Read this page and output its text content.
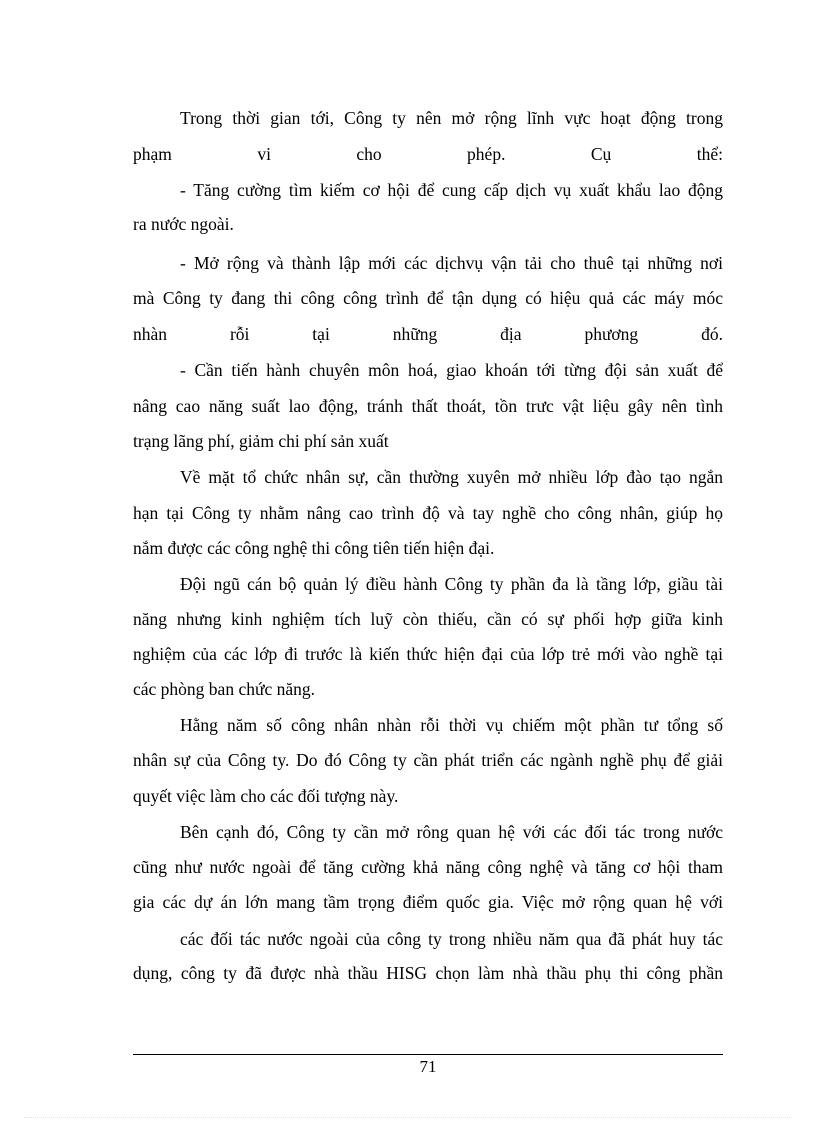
Trong thời gian tới, Công ty nên mở rộng lĩnh vực hoạt động trong
phạm vi cho phép. Cụ thể:
- Tăng cường tìm kiếm cơ hội để cung cấp dịch vụ xuất khẩu lao động
ra nước ngoài.
- Mở rộng và thành lập mới các dịchvụ vận tải cho thuê tại những nơi
mà Công ty đang thi công công trình để tận dụng có hiệu quả các máy móc
nhàn rỗi tại những địa phương đó.
- Cần tiến hành chuyên môn hoá, giao khoán tới từng đội sản xuất để
nâng cao năng suất lao động, tránh thất thoát, tồn trưc vật liệu gây nên tình
trạng lãng phí, giảm chi phí sản xuất
Về mặt tổ chức nhân sự, cần thường xuyên mở nhiều lớp đào tạo ngắn
hạn tại Công ty nhằm nâng cao trình độ và tay nghề cho công nhân, giúp họ
nắm được các công nghệ thi công tiên tiến hiện đại.
Đội ngũ cán bộ quản lý điều hành Công ty phần đa là tầng lớp, giầu tài
năng nhưng kinh nghiệm tích luỹ còn thiếu, cần có sự phối hợp giữa kinh
nghiệm của các lớp đi trước là kiến thức hiện đại của lớp trẻ mới vào nghề tại
các phòng ban chức năng.
Hằng năm số công nhân nhàn rỗi thời vụ chiếm một phần tư tổng số
nhân sự của Công ty. Do đó Công ty cần phát triển các ngành nghề phụ để giải
quyết việc làm cho các đối tượng này.
Bên cạnh đó, Công ty cần mở rông quan hệ với các đối tác trong nước
cũng như nước ngoài để tăng cường khả năng công nghệ và tăng cơ hội tham
gia các dự án lớn mang tầm trọng điểm quốc gia. Việc mở rộng quan hệ với
các đối tác nước ngoài của công ty trong nhiều năm qua đã phát huy tác
dụng, công ty đã được nhà thầu HISG chọn làm nhà thầu phụ thi công phần
71
